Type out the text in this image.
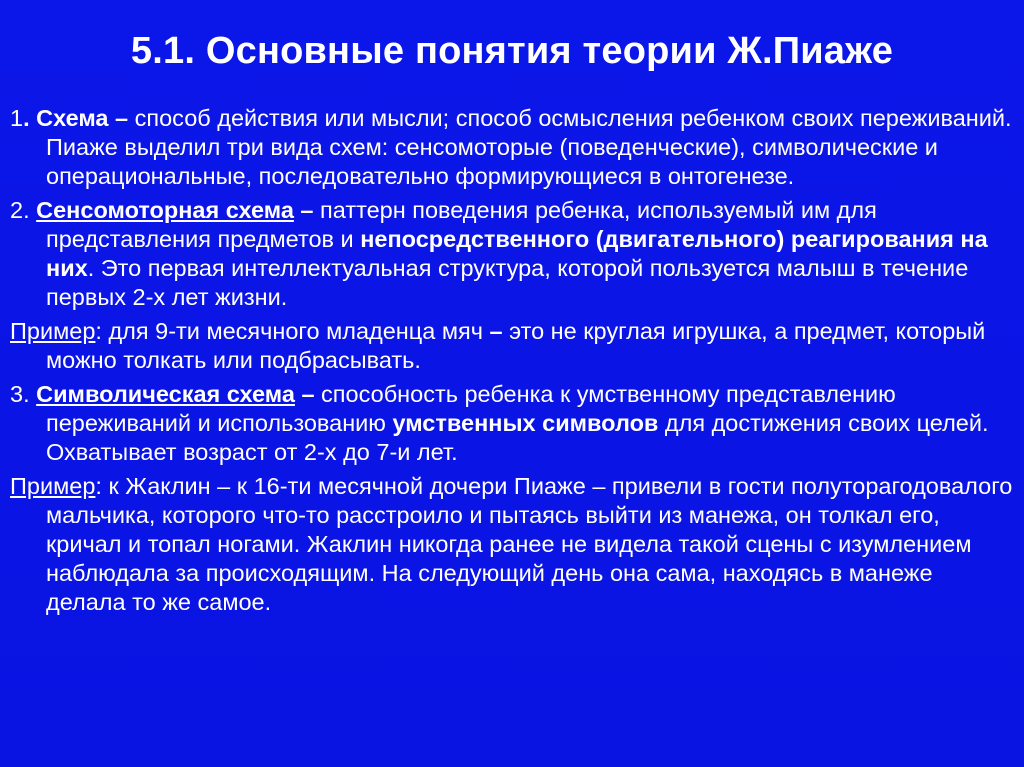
5.1. Основные понятия теории Ж.Пиаже

1. Схема – способ действия или мысли; способ осмысления ребенком своих переживаний. Пиаже выделил три вида схем: сенсомоторые (поведенческие), символические и операциональные, последовательно формирующиеся в онтогенезе.

2. Сенсомоторная схема – паттерн поведения ребенка, используемый им для представления предметов и непосредственного (двигательного) реагирования на них. Это первая интеллектуальная структура, которой пользуется малыш в течение первых 2-х лет жизни.

Пример: для 9-ти месячного младенца мяч – это не круглая игрушка, а предмет, который можно толкать или подбрасывать.

3. Символическая схема – способность ребенка к умственному представлению переживаний и использованию умственных символов для достижения своих целей. Охватывает возраст от 2-х до 7-и лет.

Пример: к Жаклин – к 16-ти месячной дочери Пиаже – привели в гости полуторагодовалого мальчика, которого что-то расстроило и пытаясь выйти из манежа, он толкал его, кричал и топал ногами. Жаклин никогда ранее не видела такой сцены с изумлением наблюдала за происходящим. На следующий день она сама, находясь в манеже делала то же самое.
